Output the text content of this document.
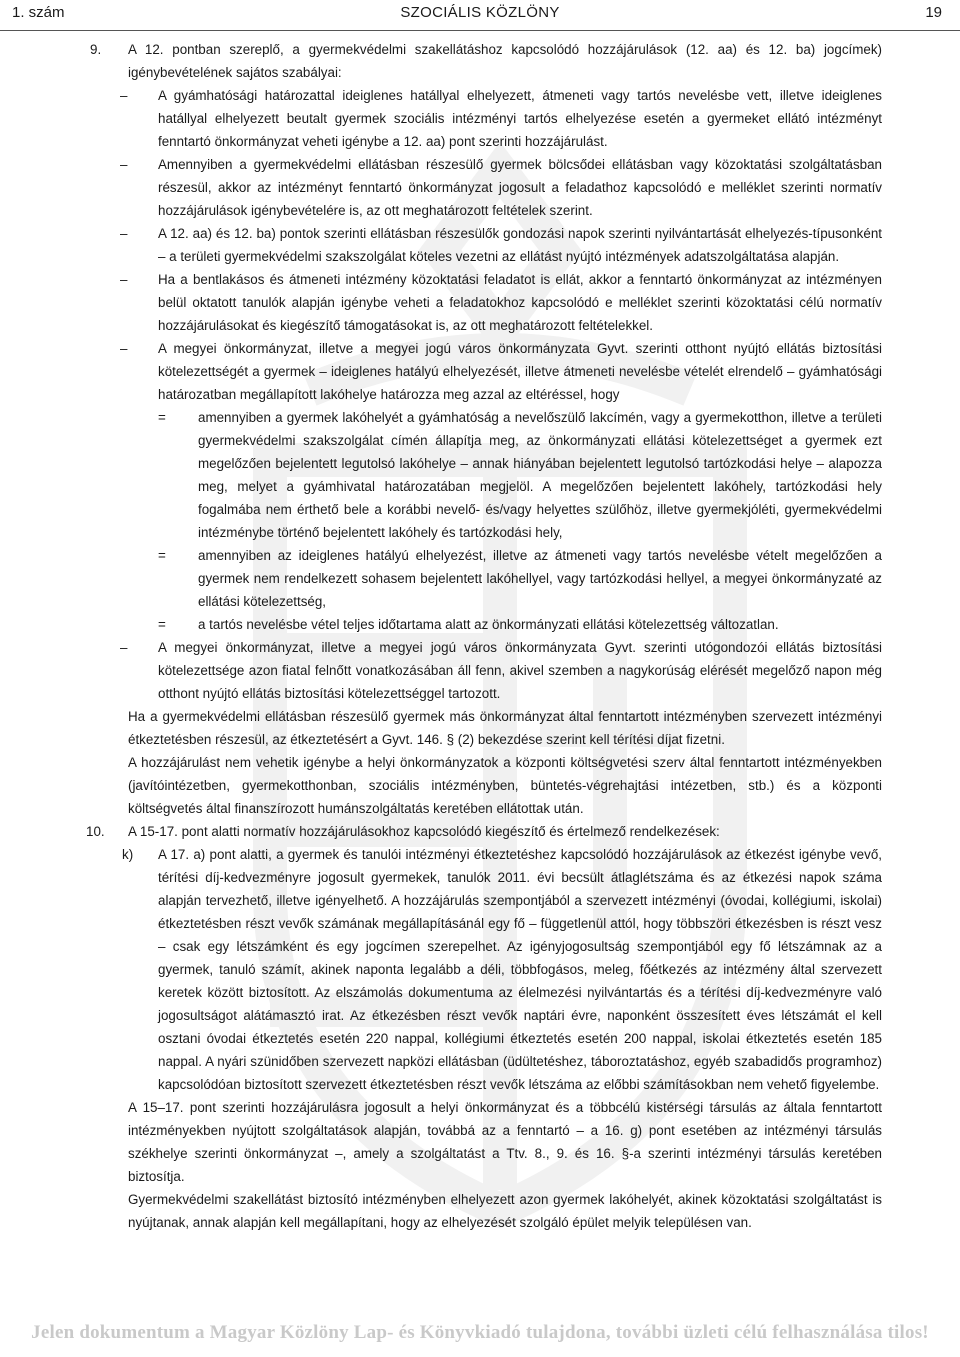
1. szám	SZOCIÁLIS KÖZLÖNY	19
9. A 12. pontban szereplő, a gyermekvédelmi szakellátáshoz kapcsolódó hozzájárulások (12. aa) és 12. ba) jogcímek) igénybevételének sajátos szabályai:
– A gyámhatósági határozattal ideiglenes hatállyal elhelyezett, átmeneti vagy tartós nevelésbe vett, illetve ideiglenes hatállyal elhelyezett beutalt gyermek szociális intézményi tartós elhelyezése esetén a gyermeket ellátó intézményt fenntartó önkormányzat veheti igénybe a 12. aa) pont szerinti hozzájárulást.
– Amennyiben a gyermekvédelmi ellátásban részesülő gyermek bölcsődei ellátásban vagy közoktatási szolgáltatásban részesül, akkor az intézményt fenntartó önkormányzat jogosult a feladathoz kapcsolódó e melléklet szerinti normatív hozzájárulások igénybevételére is, az ott meghatározott feltételek szerint.
– A 12. aa) és 12. ba) pontok szerinti ellátásban részesülők gondozási napok szerinti nyilvántartását elhelyezés-típusonként – a területi gyermekvédelmi szakszolgálat köteles vezetni az ellátást nyújtó intézmények adatszolgáltatása alapján.
– Ha a bentlakásos és átmeneti intézmény közoktatási feladatot is ellát, akkor a fenntartó önkormányzat az intézményen belül oktatott tanulók alapján igénybe veheti a feladatokhoz kapcsolódó e melléklet szerinti közoktatási célú normatív hozzájárulásokat és kiegészítő támogatásokat is, az ott meghatározott feltételekkel.
– A megyei önkormányzat, illetve a megyei jogú város önkormányzata Gyvt. szerinti otthont nyújtó ellátás biztosítási kötelezettségét a gyermek – ideiglenes hatályú elhelyezését, illetve átmeneti nevelésbe vételét elrendelő – gyámhatósági határozatban megállapított lakóhelye határozza meg azzal az eltéréssel, hogy
= amennyiben a gyermek lakóhelyét a gyámhatóság a nevelőszülő lakcímén, vagy a gyermekotthon, illetve a területi gyermekvédelmi szakszolgálat címén állapítja meg, az önkormányzati ellátási kötelezettséget a gyermek ezt megelőzően bejelentett legutolsó lakóhelye – annak hiányában bejelentett legutolsó tartózkodási helye – alapozza meg, melyet a gyámhivatal határozatában megjelöl. A megelőzően bejelentett lakóhely, tartózkodási hely fogalmába nem érthető bele a korábbi nevelő- és/vagy helyettes szülőhöz, illetve gyermekjóléti, gyermekvédelmi intézménybe történő bejelentett lakóhely és tartózkodási hely,
= amennyiben az ideiglenes hatályú elhelyezést, illetve az átmeneti vagy tartós nevelésbe vételt megelőzően a gyermek nem rendelkezett sohasem bejelentett lakóhellyel, vagy tartózkodási hellyel, a megyei önkormányzaté az ellátási kötelezettség,
= a tartós nevelésbe vétel teljes időtartama alatt az önkormányzati ellátási kötelezettség változatlan.
– A megyei önkormányzat, illetve a megyei jogú város önkormányzata Gyvt. szerinti utógondozói ellátás biztosítási kötelezettsége azon fiatal felnőtt vonatkozásában áll fenn, akivel szemben a nagykorúság elérését megelőző napon még otthont nyújtó ellátás biztosítási kötelezettséggel tartozott.
Ha a gyermekvédelmi ellátásban részesülő gyermek más önkormányzat által fenntartott intézményben szervezett intézményi étkeztetésben részesül, az étkeztetésért a Gyvt. 146. § (2) bekezdése szerint kell térítési díjat fizetni.
A hozzájárulást nem vehetik igénybe a helyi önkormányzatok a központi költségvetési szerv által fenntartott intézményekben (javítóintézetben, gyermekotthonban, szociális intézményben, büntetés-végrehajtási intézetben, stb.) és a központi költségvetés által finanszírozott humánszolgáltatás keretében ellátottak után.
10. A 15-17. pont alatti normatív hozzájárulásokhoz kapcsolódó kiegészítő és értelmező rendelkezések:
k) A 17. a) pont alatti, a gyermek és tanulói intézményi étkeztetéshez kapcsolódó hozzájárulások az étkezést igénybe vevő, térítési díj-kedvezményre jogosult gyermekek, tanulók 2011. évi becsült átlaglétszáma és az étkezési napok száma alapján tervezhető, illetve igényelhető. A hozzájárulás szempontjából a szervezett intézményi (óvodai, kollégiumi, iskolai) étkeztetésben részt vevők számának megállapításánál egy fő – függetlenül attól, hogy többszöri étkezésben is részt vesz – csak egy létszámként és egy jogcímen szerepelhet. Az igényjogosultság szempontjából egy fő létszámnak az a gyermek, tanuló számít, akinek naponta legalább a déli, többfogásos, meleg, főétkezés az intézmény által szervezett keretek között biztosított. Az elszámolás dokumentuma az élelmezési nyilvántartás és a térítési díj-kedvezményre való jogosultságot alátámasztó irat. Az étkezésben részt vevők naptári évre, naponként összesített éves létszámát el kell osztani óvodai étkeztetés esetén 220 nappal, kollégiumi étkeztetés esetén 200 nappal, iskolai étkeztetés esetén 185 nappal. A nyári szünidőben szervezett napközi ellátásban (üdültetéshez, táboroztatáshoz, egyéb szabadidős programhoz) kapcsolódóan biztosított szervezett étkeztetésben részt vevők létszáma az előbbi számításokban nem vehető figyelembe.
A 15–17. pont szerinti hozzájárulásra jogosult a helyi önkormányzat és a többcélú kistérségi társulás az általa fenntartott intézményekben nyújtott szolgáltatások alapján, továbbá az a fenntartó – a 16. g) pont esetében az intézményi társulás székhelye szerinti önkormányzat –, amely a szolgáltatást a Ttv. 8., 9. és 16. §-a szerinti intézményi társulás keretében biztosítja.
Gyermekvédelmi szakellátást biztosító intézményben elhelyezett azon gyermek lakóhelyét, akinek közoktatási szolgáltatást is nyújtanak, annak alapján kell megállapítani, hogy az elhelyezését szolgáló épület melyik településen van.
Jelen dokumentum a Magyar Közlöny Lap- és Könyvkiadó tulajdona, további üzleti célú felhasználása tilos!
